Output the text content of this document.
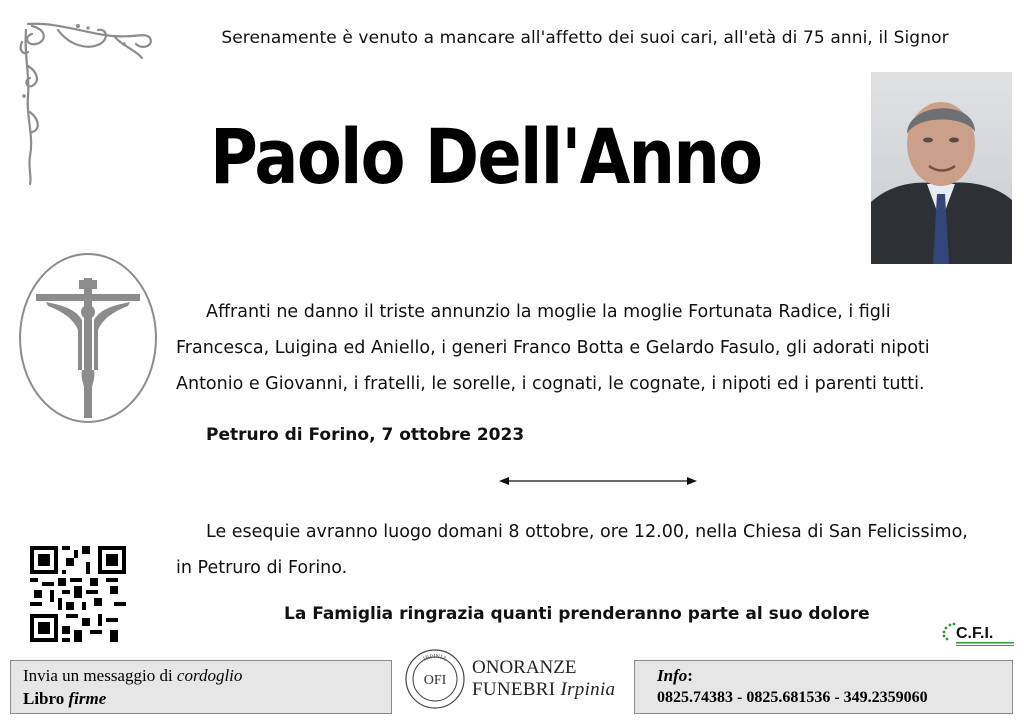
Serenamente è venuto a mancare all'affetto dei suoi cari, all'età di 75 anni, il Signor
Paolo Dell'Anno
Affranti ne danno il triste annunzio la moglie la moglie Fortunata Radice, i figli
Francesca, Luigina ed Aniello, i generi Franco Botta e Gelardo Fasulo, gli adorati nipoti
Antonio e Giovanni, i fratelli, le sorelle, i cognati, le cognate, i nipoti ed i parenti tutti.
Petruro di Forino, 7 ottobre 2023
Le esequie avranno luogo domani 8 ottobre, ore 12.00, nella Chiesa di San Felicissimo,
in Petruro di Forino.
La Famiglia ringrazia quanti prenderanno parte al suo dolore
C.F.I.
Invia un messaggio di cordoglio
Libro firme
IRPINIA
OFI
ONORANZE
FUNEBRI Irpinia
Info:
0825.74383 - 0825.681536 - 349.2359060
